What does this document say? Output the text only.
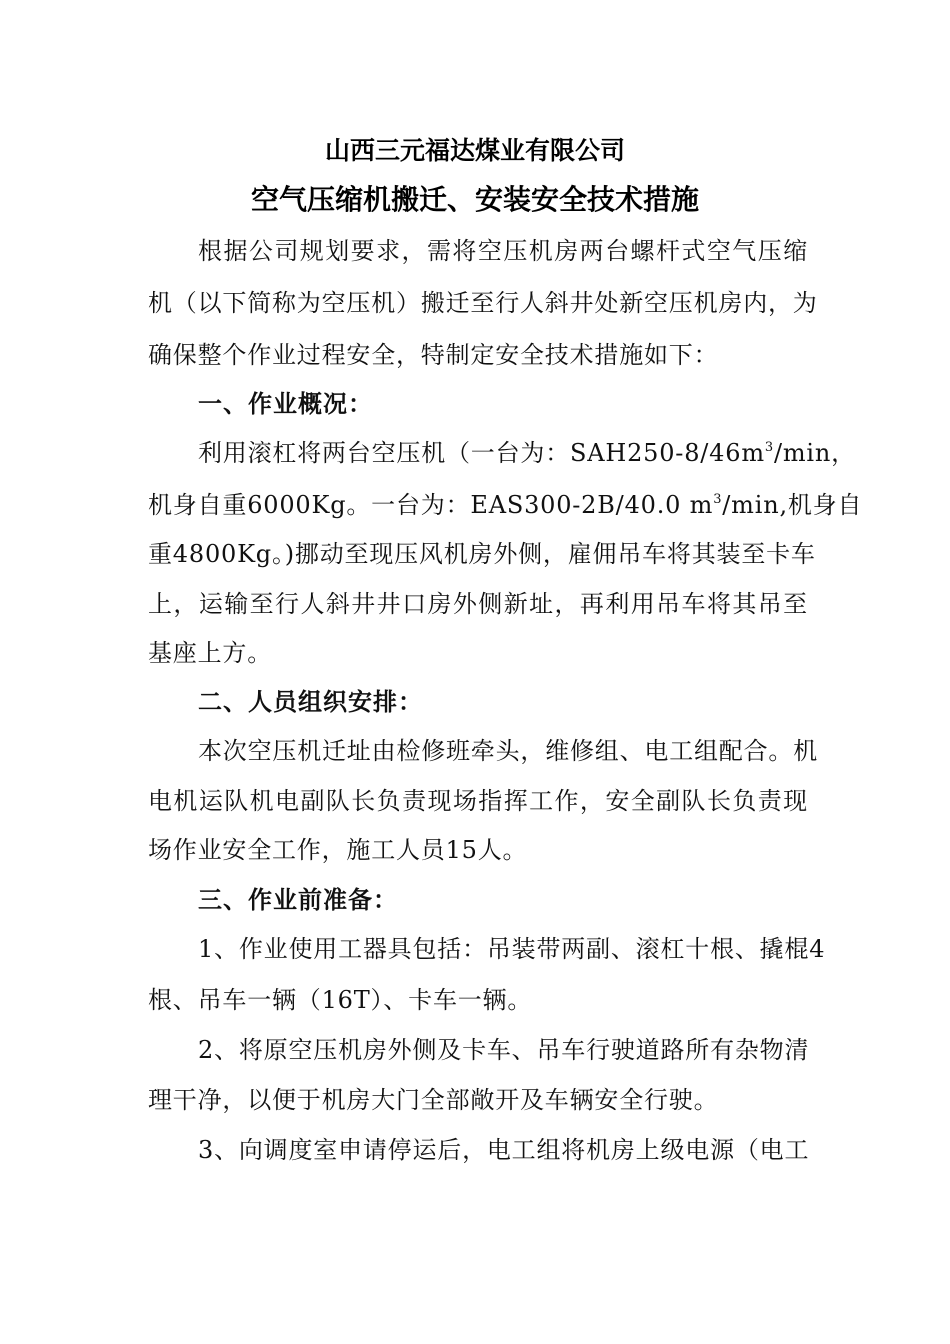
山西三元福达煤业有限公司
空气压缩机搬迁、安装安全技术措施
根据公司规划要求，需将空压机房两台螺杆式空气压缩
机（以下简称为空压机）搬迁至行人斜井处新空压机房内，为
确保整个作业过程安全，特制定安全技术措施如下：
一、作业概况：
利用滚杠将两台空压机（一台为：$SAH250-8/46m^3/\min$，
机身自重6000Kg。一台为：EAS300-2B/40.0 $m^3/\min$,机身自
重4800Kg。)挪动至现压风机房外侧，雇佣吊车将其装至卡车
上，运输至行人斜井井口房外侧新址，再利用吊车将其吊至
基座上方。
二、人员组织安排：
本次空压机迁址由检修班牵头，维修组、电工组配合。机
电机运队机电副队长负责现场指挥工作，安全副队长负责现
场作业安全工作，施工人员15人。
三、作业前准备：
1、作业使用工器具包括：吊装带两副、滚杠十根、撬棍4
根、吊车一辆（16T）、卡车一辆。
2、将原空压机房外侧及卡车、吊车行驶道路所有杂物清
理干净，以便于机房大门全部敞开及车辆安全行驶。
3、向调度室申请停运后，电工组将机房上级电源（电工
